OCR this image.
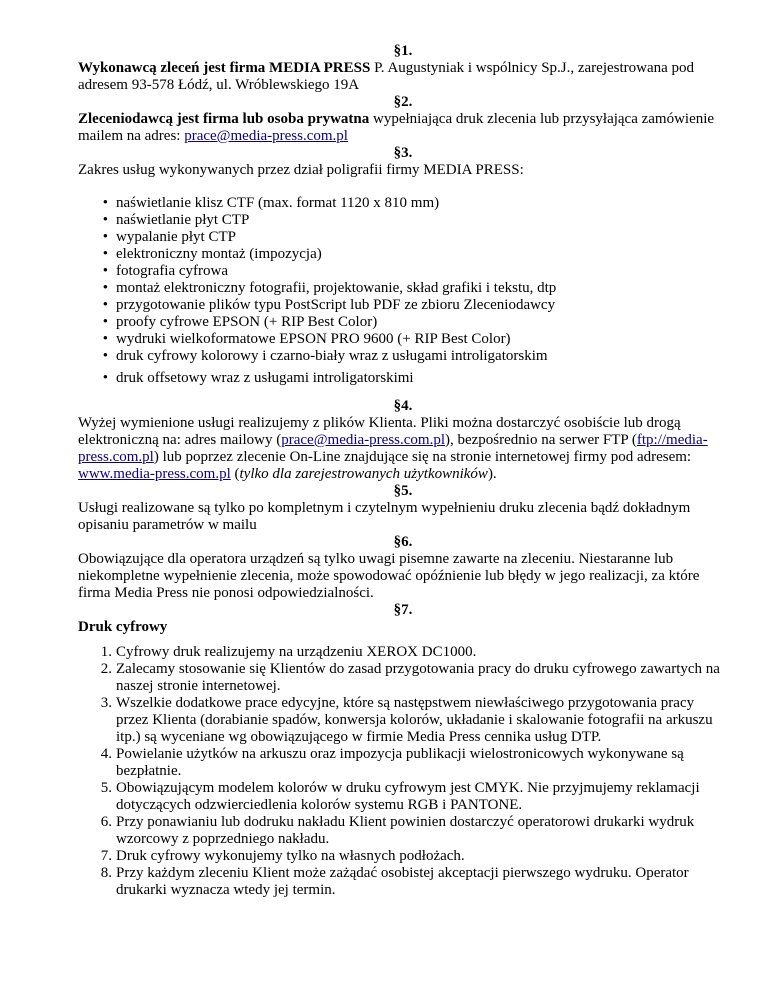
§1.

Wykonawcą zleceń jest firma MEDIA PRESS P. Augustyniak i wspólnicy Sp.J., zarejestrowana pod adresem 93-578 Łódź, ul. Wróblewskiego 19A

§2.

Zleceniodawcą jest firma lub osoba prywatna wypełniająca druk zlecenia lub przysyłająca zamówienie mailem na adres: prace@media-press.com.pl

§3.

Zakres usług wykonywanych przez dział poligrafii firmy MEDIA PRESS:

• naświetlanie klisz CTF (max. format 1120 x 810 mm)
• naświetlanie płyt CTP
• wypalanie płyt CTP
• elektroniczny montaż (impozycja)
• fotografia cyfrowa
• montaż elektroniczny fotografii, projektowanie, skład grafiki i tekstu, dtp
• przygotowanie plików typu PostScript lub PDF ze zbioru Zleceniodawcy
• proofy cyfrowe EPSON (+ RIP Best Color)
• wydruki wielkoformatowe EPSON PRO 9600 (+ RIP Best Color)
• druk cyfrowy kolorowy i czarno-biały wraz z usługami introligatorskim
• druk offsetowy wraz z usługami introligatorskimi

§4.

Wyżej wymienione usługi realizujemy z plików Klienta. Pliki można dostarczyć osobiście lub drogą elektroniczną na: adres mailowy (prace@media-press.com.pl), bezpośrednio na serwer FTP (ftp://media-press.com.pl) lub poprzez zlecenie On-Line znajdujące się na stronie internetowej firmy pod adresem: www.media-press.com.pl (tylko dla zarejestrowanych użytkowników).

§5.

Usługi realizowane są tylko po kompletnym i czytelnym wypełnieniu druku zlecenia bądź dokładnym opisaniu parametrów w mailu

§6.

Obowiązujące dla operatora urządzeń są tylko uwagi pisemne zawarte na zleceniu. Niestaranne lub niekompletne wypełnienie zlecenia, może spowodować opóźnienie lub błędy w jego realizacji, za które firma Media Press nie ponosi odpowiedzialności.

§7.

Druk cyfrowy

Cyfrowy druk realizujemy na urządzeniu XEROX DC1000.
Zalecamy stosowanie się Klientów do zasad przygotowania pracy do druku cyfrowego zawartych na naszej stronie internetowej.
Wszelkie dodatkowe prace edycyjne, które są następstwem niewłaściwego przygotowania pracy przez Klienta (dorabianie spadów, konwersja kolorów, układanie i skalowanie fotografii na arkuszu itp.) są wyceniane wg obowiązującego w firmie Media Press cennika usług DTP.
Powielanie użytków na arkuszu oraz impozycja publikacji wielostronicowych wykonywane są bezpłatnie.
Obowiązującym modelem kolorów w druku cyfrowym jest CMYK. Nie przyjmujemy reklamacji dotyczących odzwierciedlenia kolorów systemu RGB i PANTONE.
Przy ponawianiu lub dodruku nakładu Klient powinien dostarczyć operatorowi drukarki wydruk wzorcowy z poprzedniego nakładu.
Druk cyfrowy wykonujemy tylko na własnych podłożach.
Przy każdym zleceniu Klient może zażądać osobistej akceptacji pierwszego wydruku. Operator drukarki wyznacza wtedy jej termin.
